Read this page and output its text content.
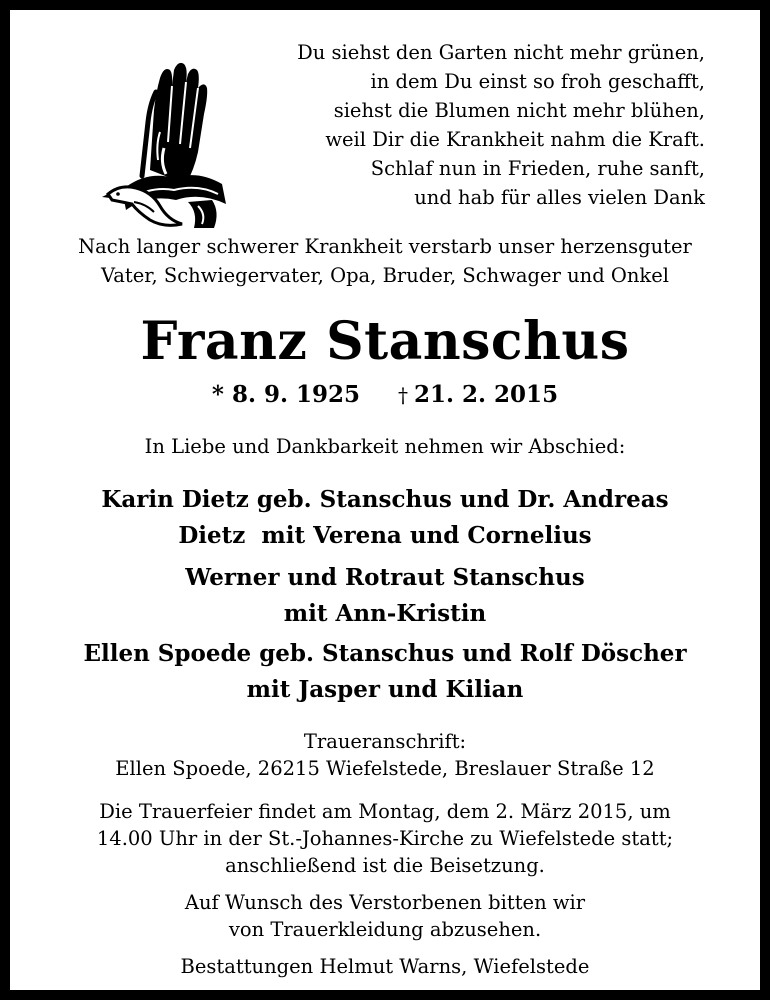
Du siehst den Garten nicht mehr grünen,
in dem Du einst so froh geschafft,
siehst die Blumen nicht mehr blühen,
weil Dir die Krankheit nahm die Kraft.
Schlaf nun in Frieden, ruhe sanft,
und hab für alles vielen Dank
Nach langer schwerer Krankheit verstarb unser herzensguter
Vater, Schwiegervater, Opa, Bruder, Schwager und Onkel
Franz Stanschus
* 8. 9. 1925 † 21. 2. 2015
In Liebe und Dankbarkeit nehmen wir Abschied:
Karin Dietz geb. Stanschus und Dr. Andreas
Dietz  mit Verena und Cornelius
Werner und Rotraut Stanschus
mit Ann-Kristin
Ellen Spoede geb. Stanschus und Rolf Döscher
mit Jasper und Kilian
Traueranschrift:
Ellen Spoede, 26215 Wiefelstede, Breslauer Straße 12
Die Trauerfeier findet am Montag, dem 2. März 2015, um
14.00 Uhr in der St.-Johannes-Kirche zu Wiefelstede statt;
anschließend ist die Beisetzung.
Auf Wunsch des Verstorbenen bitten wir
von Trauerkleidung abzusehen.
Bestattungen Helmut Warns, Wiefelstede
